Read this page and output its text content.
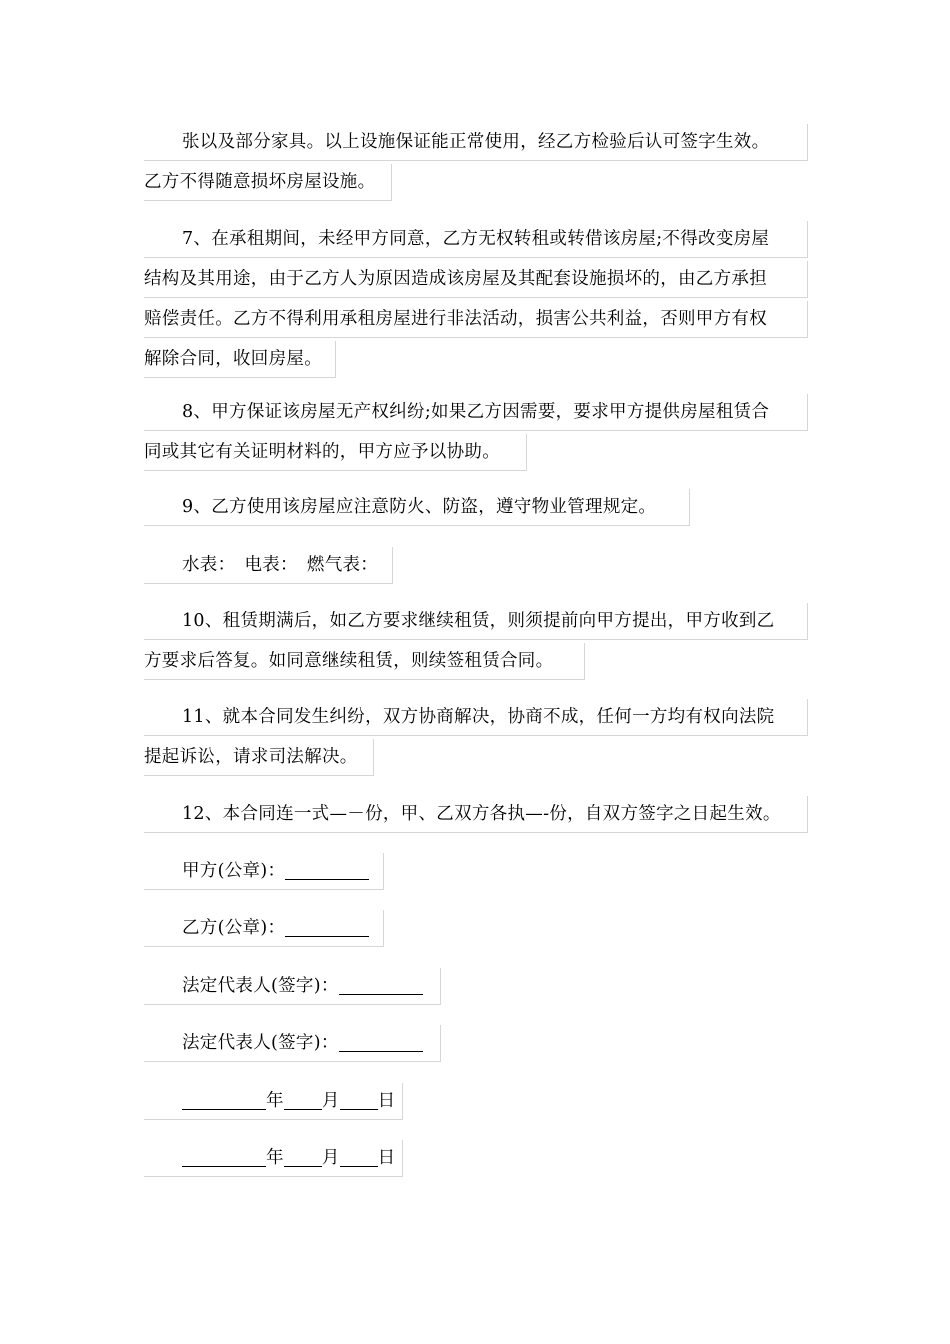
张以及部分家具。以上设施保证能正常使用，经乙方检验后认可签字生效。
乙方不得随意损坏房屋设施。
7、在承租期间，未经甲方同意，乙方无权转租或转借该房屋;不得改变房屋
结构及其用途，由于乙方人为原因造成该房屋及其配套设施损坏的，由乙方承担
赔偿责任。乙方不得利用承租房屋进行非法活动，损害公共利益，否则甲方有权
解除合同，收回房屋。
8、甲方保证该房屋无产权纠纷;如果乙方因需要，要求甲方提供房屋租赁合
同或其它有关证明材料的，甲方应予以协助。
9、乙方使用该房屋应注意防火、防盗，遵守物业管理规定。
水表：　电表：　燃气表：
10、租赁期满后，如乙方要求继续租赁，则须提前向甲方提出，甲方收到乙
方要求后答复。如同意继续租赁，则续签租赁合同。
11、就本合同发生纠纷，双方协商解决，协商不成，任何一方均有权向法院
提起诉讼，请求司法解决。
12、本合同连一式—－份，甲、乙双方各执—-份，自双方签字之日起生效。
甲方(公章)：
乙方(公章)：
法定代表人(签字)：
法定代表人(签字)：
年 月 日
年 月 日
